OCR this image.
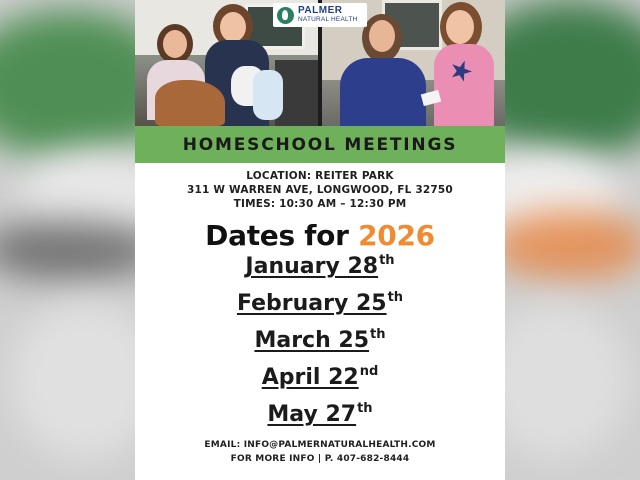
PALMER
NATURAL HEALTH
HOMESCHOOL MEETINGS
LOCATION: REITER PARK
311 W WARREN AVE, LONGWOOD, FL 32750
TIMES: 10:30 AM – 12:30 PM
Dates for 2026
January 28th
February 25th
March 25th
April 22nd
May 27th
EMAIL: INFO@PALMERNATURALHEALTH.COM
FOR MORE INFO | P. 407-682-8444
